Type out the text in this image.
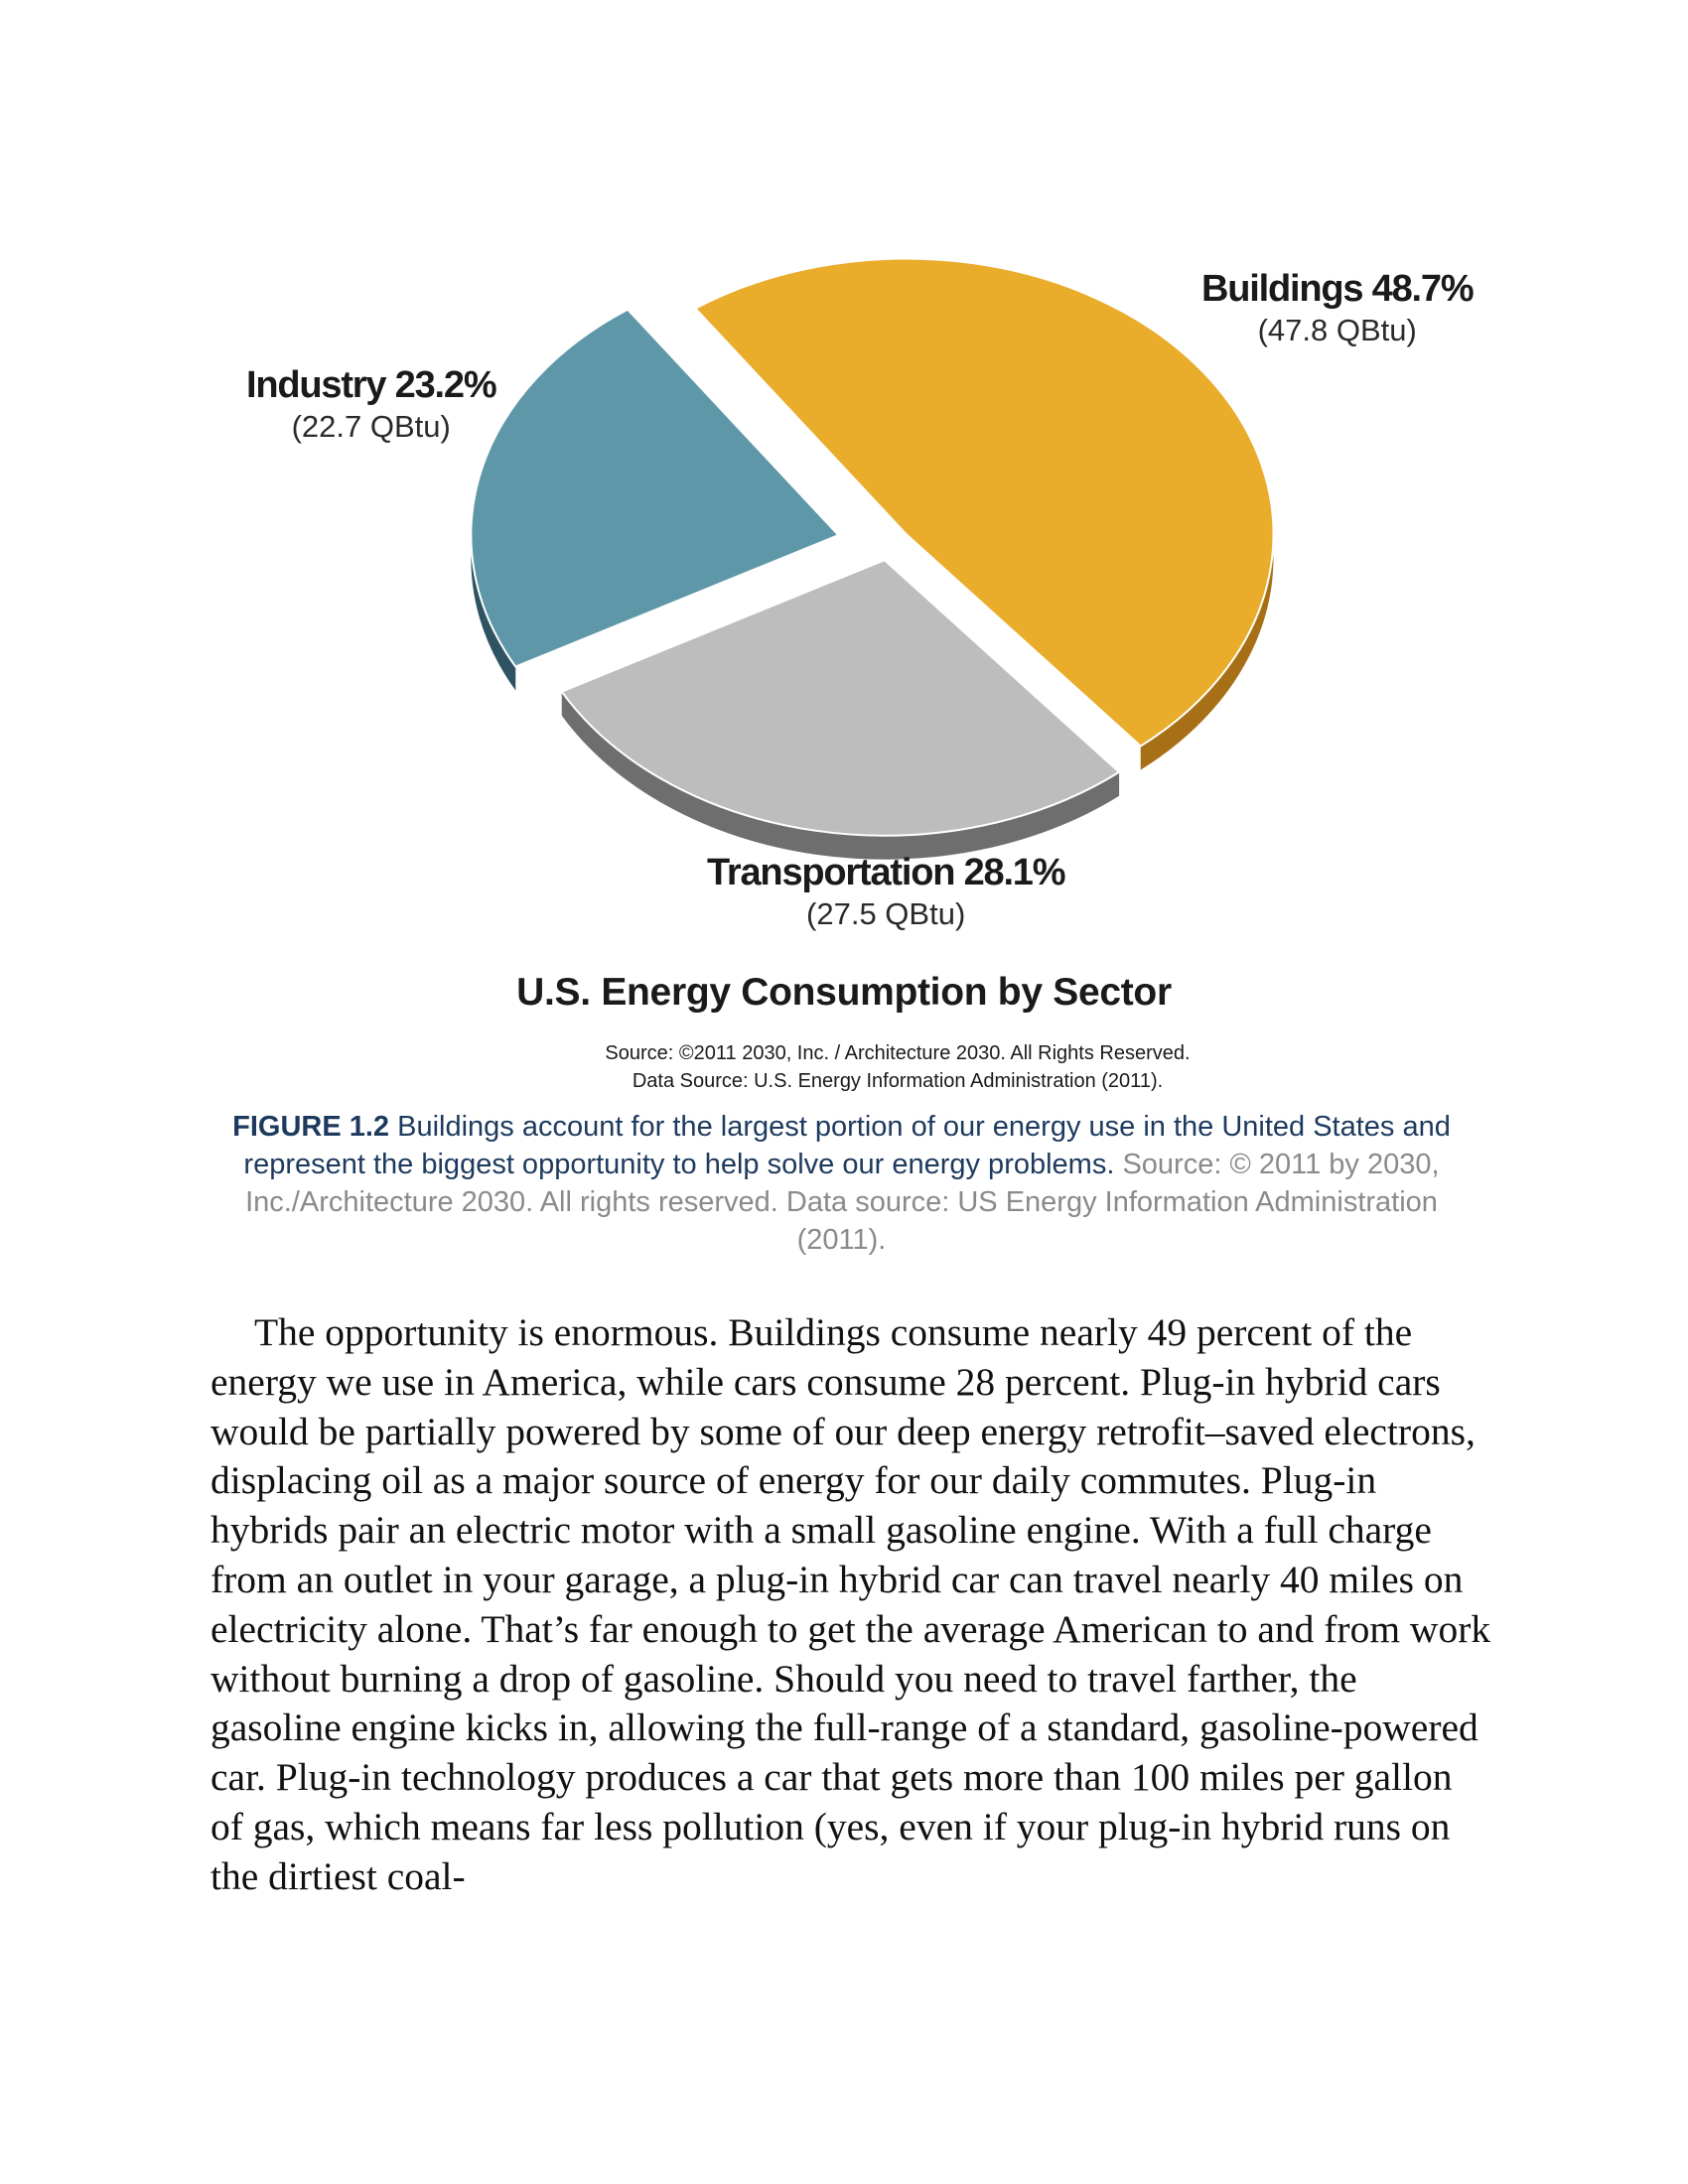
Buildings 48.7%
(47.8 QBtu)
Industry 23.2%
(22.7 QBtu)
Transportation 28.1%
(27.5 QBtu)
U.S. Energy Consumption by Sector
Source: ©2011 2030, Inc. / Architecture 2030. All Rights Reserved.
Data Source: U.S. Energy Information Administration (2011).
FIGURE 1.2 Buildings account for the largest portion of our energy use in the United States and represent the biggest opportunity to help solve our energy problems. Source: © 2011 by 2030, Inc./Architecture 2030. All rights reserved. Data source: US Energy Information Administration (2011).

The opportunity is enormous. Buildings consume nearly 49 percent of the energy we use in America, while cars consume 28 percent. Plug-in hybrid cars would be partially powered by some of our deep energy retrofit–saved electrons, displacing oil as a major source of energy for our daily commutes. Plug-in hybrids pair an electric motor with a small gasoline engine. With a full charge from an outlet in your garage, a plug-in hybrid car can travel nearly 40 miles on electricity alone. That’s far enough to get the average American to and from work without burning a drop of gasoline. Should you need to travel farther, the gasoline engine kicks in, allowing the full-range of a standard, gasoline-powered car. Plug-in technology produces a car that gets more than 100 miles per gallon of gas, which means far less pollution (yes, even if your plug-in hybrid runs on the dirtiest coal-
